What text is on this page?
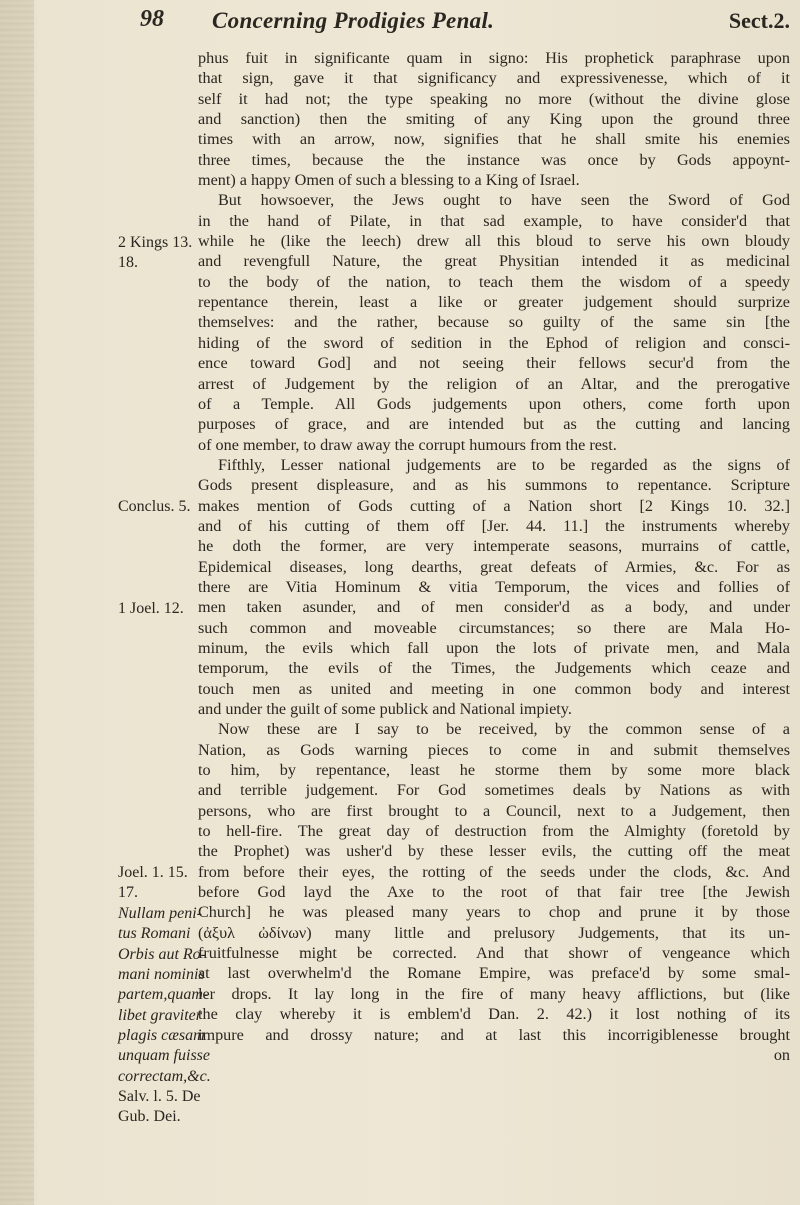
98 Concerning Prodigies Penal.	Sect.2.
2 Kings 13.
18.
Conclus. 5.
1 Joel. 12.
Joel. 1. 15.
17.
Nullam peni-
tus Romani
Orbis aut Ro-
mani nominis
partem,quam-
libet graviter
plagis cæsam
unquam fuisse
correctam,&c.
Salv. l. 5. De
Gub. Dei.
phus fuit in significante quam in signo: His prophetick paraphrase upon
that sign, gave it that significancy and expressivenesse, which of it
self it had not; the type speaking no more (without the divine glose
and sanction) then the smiting of any King upon the ground three
times with an arrow, now, signifies that he shall smite his enemies
three times, because the the instance was once by Gods appoynt-
ment) a happy Omen of such a blessing to a King of Israel.
But howsoever, the Jews ought to have seen the Sword of God
in the hand of Pilate, in that sad example, to have consider'd that
while he (like the leech) drew all this bloud to serve his own bloudy
and revengfull Nature, the great Physitian intended it as medicinal
to the body of the nation, to teach them the wisdom of a speedy
repentance therein, least a like or greater judgement should surprize
themselves: and the rather, because so guilty of the same sin [the
hiding of the sword of sedition in the Ephod of religion and consci-
ence toward God] and not seeing their fellows secur'd from the
arrest of Judgement by the religion of an Altar, and the prerogative
of a Temple. All Gods judgements upon others, come forth upon
purposes of grace, and are intended but as the cutting and lancing
of one member, to draw away the corrupt humours from the rest.
Fifthly, Lesser national judgements are to be regarded as the signs of
Gods present displeasure, and as his summons to repentance. Scripture
makes mention of Gods cutting of a Nation short [2 Kings 10. 32.]
and of his cutting of them off [Jer. 44. 11.] the instruments whereby
he doth the former, are very intemperate seasons, murrains of cattle,
Epidemical diseases, long dearths, great defeats of Armies, &c. For as
there are Vitia Hominum & vitia Temporum, the vices and follies of
men taken asunder, and of men consider'd as a body, and under
such common and moveable circumstances; so there are Mala Ho-
minum, the evils which fall upon the lots of private men, and Mala
temporum, the evils of the Times, the Judgements which ceaze and
touch men as united and meeting in one common body and interest
and under the guilt of some publick and National impiety.
Now these are I say to be received, by the common sense of a
Nation, as Gods warning pieces to come in and submit themselves
to him, by repentance, least he storme them by some more black
and terrible judgement. For God sometimes deals by Nations as with
persons, who are first brought to a Council, next to a Judgement, then
to hell-fire. The great day of destruction from the Almighty (foretold by
the Prophet) was usher'd by these lesser evils, the cutting off the meat
from before their eyes, the rotting of the seeds under the clods, &c. And
before God layd the Axe to the root of that fair tree [the Jewish
Church] he was pleased many years to chop and prune it by those
(ἀξυλ ὠδίνων) many little and prelusory Judgements, that its un-
fruitfulnesse might be corrected. And that showr of vengeance which
at last overwhelm'd the Romane Empire, was preface'd by some smal-
ler drops. It lay long in the fire of many heavy afflictions, but (like
the clay whereby it is emblem'd Dan. 2. 42.) it lost nothing of its
impure and drossy nature; and at last this incorrigiblenesse brought
on
